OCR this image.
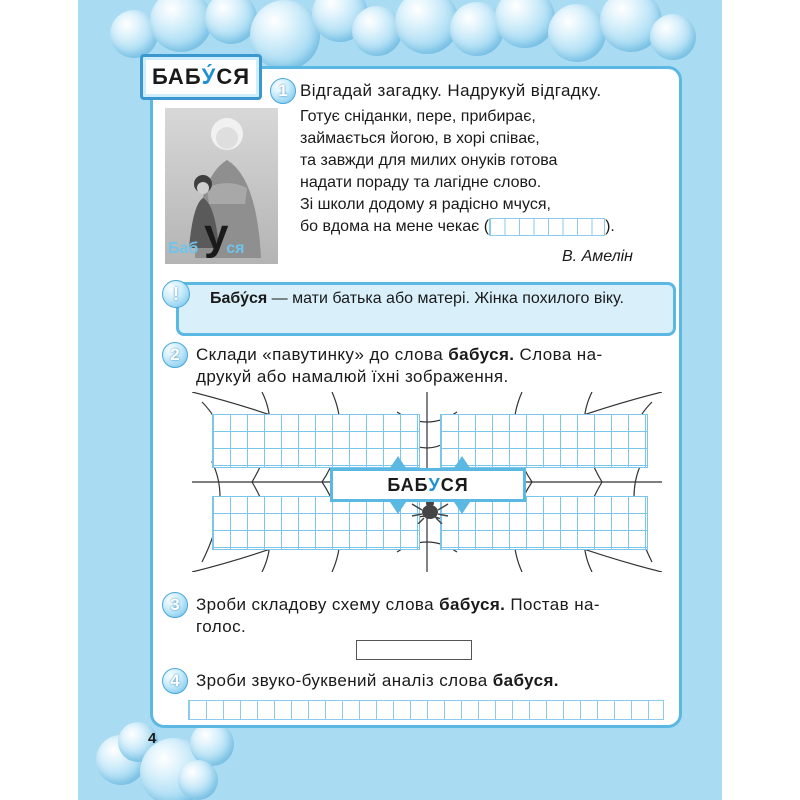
БАБ У́ СЯ
1 Відгадай загадку. Надрукуй відгадку.
Баб ся
у
Готує сніданки, пере, прибирає,
займається йогою, в хорі співає,
та завжди для милих онуків готова
надати пораду та лагідне слово.
Зі школи додому я радісно мчуся,
бо вдома на мене чекає (	).
В. Амелін
!	Бабу́ся — мати батька або матері. Жінка похилого віку.
2 Склади «павутинку» до слова бабуся. Слова на-
друкуй або намалюй їхні зображення.
БАБ У СЯ
3 Зроби складову схему слова бабуся. Постав на-
голос.
4 Зроби звуко-буквений аналіз слова бабуся.
4
